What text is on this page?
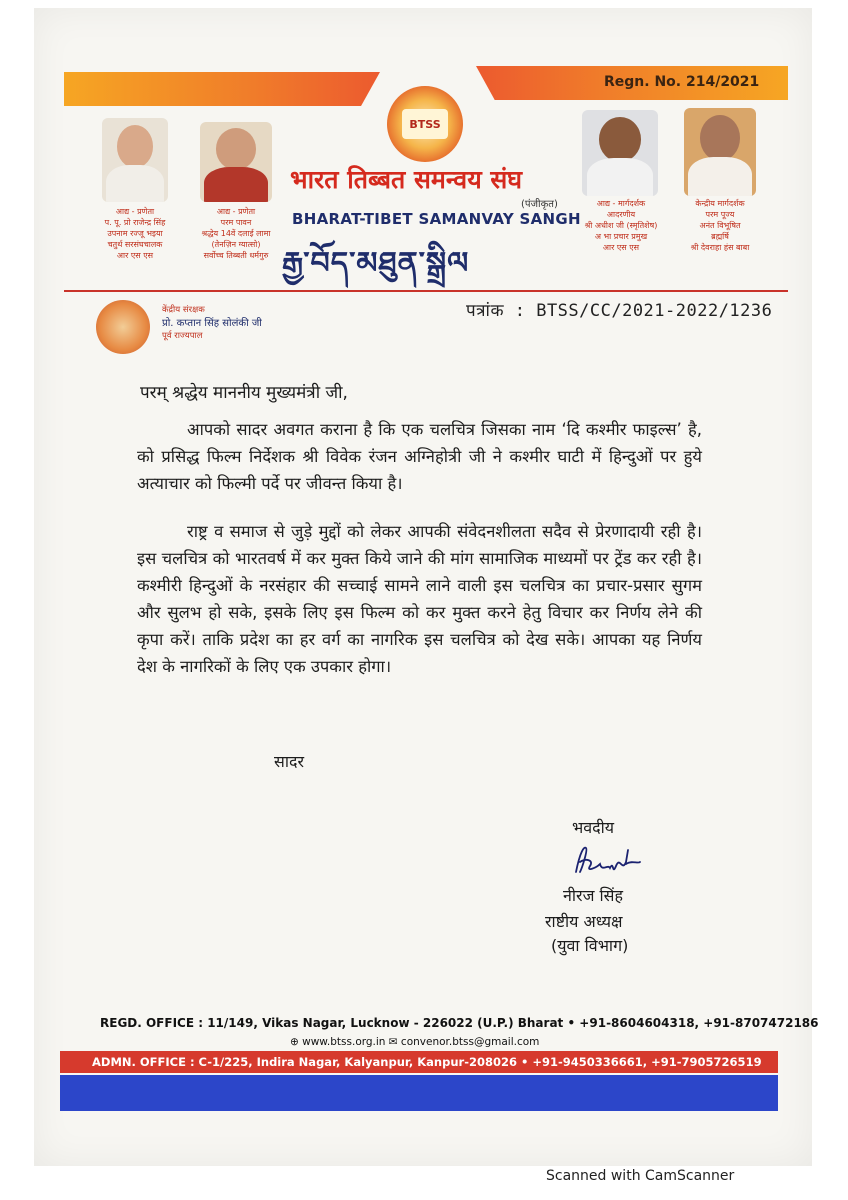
Regn. No. 214/2021
BTSS
भारत तिब्बत समन्वय संघ
(पंजीकृत)
BHARAT-TIBET SAMANVAY SANGH
རྒྱ་བོད་མཐུན་སྒྲིལ
आद्य - प्रणेता
प. पू. प्रो राजेन्द्र सिंह
उपनाम रज्जू भइया
चतुर्थ सरसंघचालक
आर एस एस
आद्य - प्रणेता
परम पावन
श्रद्धेय 14वें दलाई लामा
(तेनज़िन ग्यात्सो)
सर्वोच्च तिब्बती धर्मगुरु
आद्य - मार्गदर्शक
आदरणीय
श्री अधीश जी (स्मृतिशेष)
अ भा प्रचार प्रमुख
आर एस एस
केन्द्रीय मार्गदर्शक
परम पूज्य
अनंत विभूषित
ब्रह्मर्षि
श्री देवराहा हंस बाबा
केंद्रीय संरक्षक
प्रो. कप्तान सिंह सोलंकी जी
पूर्व राज्यपाल
पत्रांक : BTSS/CC/2021-2022/1236
परम् श्रद्धेय माननीय मुख्यमंत्री जी,
आपको सादर अवगत कराना है कि एक चलचित्र जिसका नाम ‘दि कश्मीर फाइल्स’ है, को प्रसिद्ध फिल्म निर्देशक श्री विवेक रंजन अग्निहोत्री जी ने कश्मीर घाटी में हिन्दुओं पर हुये अत्याचार को फिल्मी पर्दे पर जीवन्त किया है।
राष्ट्र व समाज से जुड़े मुद्दों को लेकर आपकी संवेदनशीलता सदैव से प्रेरणादायी रही है। इस चलचित्र को भारतवर्ष में कर मुक्त किये जाने की मांग सामाजिक माध्यमों पर ट्रेंड कर रही है। कश्मीरी हिन्दुओं के नरसंहार की सच्चाई सामने लाने वाली इस चलचित्र का प्रचार-प्रसार सुगम और सुलभ हो सके, इसके लिए इस फिल्म को कर मुक्त करने हेतु विचार कर निर्णय लेने की कृपा करें। ताकि प्रदेश का हर वर्ग का नागरिक इस चलचित्र को देख सके। आपका यह निर्णय देश के नागरिकों के लिए एक उपकार होगा।
सादर
भवदीय
नीरज सिंह
राष्टीय अध्यक्ष
(युवा विभाग)
REGD. OFFICE : 11/149, Vikas Nagar, Lucknow - 226022 (U.P.) Bharat • +91-8604604318, +91-8707472186
⊕ www.btss.org.in ✉ convenor.btss@gmail.com
ADMN. OFFICE : C-1/225, Indira Nagar, Kalyanpur, Kanpur-208026 • +91-9450336661, +91-7905726519
Scanned with CamScanner
